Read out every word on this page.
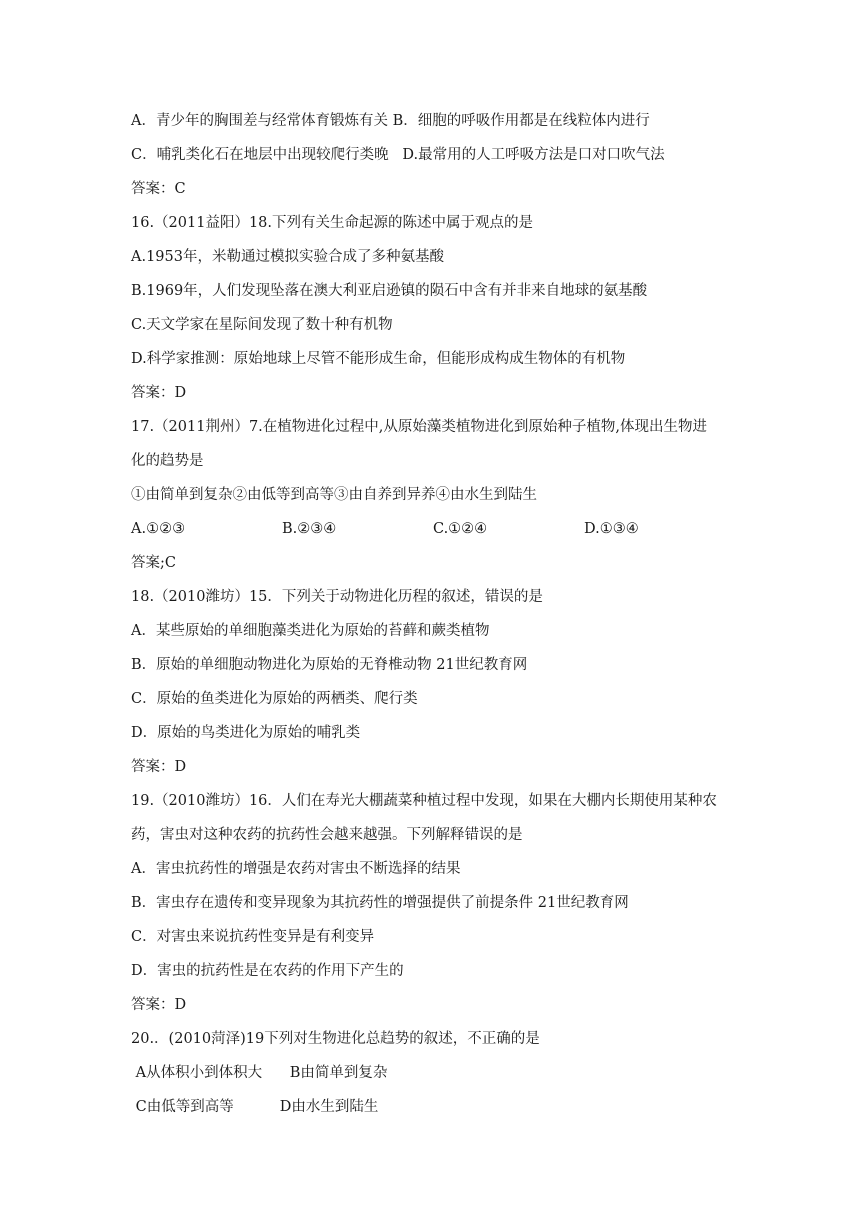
A．青少年的胸围差与经常体育锻炼有关 B．细胞的呼吸作用都是在线粒体内进行
C．哺乳类化石在地层中出现较爬行类晚   D.最常用的人工呼吸方法是口对口吹气法
答案：C
16.（2011益阳）18.下列有关生命起源的陈述中属于观点的是
A.1953年，米勒通过模拟实验合成了多种氨基酸
B.1969年，人们发现坠落在澳大利亚启逊镇的陨石中含有并非来自地球的氨基酸
C.天文学家在星际间发现了数十种有机物
D.科学家推测：原始地球上尽管不能形成生命，但能形成构成生物体的有机物
答案：D
17.（2011荆州）7.在植物进化过程中,从原始藻类植物进化到原始种子植物,体现出生物进
化的趋势是
①由简单到复杂②由低等到高等③由自养到异养④由水生到陆生
A.①②③	B.②③④	C.①②④	D.①③④
答案;C
18.（2010潍坊）15．下列关于动物进化历程的叙述，错误的是
A．某些原始的单细胞藻类进化为原始的苔藓和蕨类植物
B．原始的单细胞动物进化为原始的无脊椎动物 21世纪教育网
C．原始的鱼类进化为原始的两栖类、爬行类
D．原始的鸟类进化为原始的哺乳类
答案：D
19.（2010潍坊）16．人们在寿光大棚蔬菜种植过程中发现，如果在大棚内长期使用某种农
药，害虫对这种农药的抗药性会越来越强。下列解释错误的是
A．害虫抗药性的增强是农药对害虫不断选择的结果
B．害虫存在遗传和变异现象为其抗药性的增强提供了前提条件 21世纪教育网
C．对害虫来说抗药性变异是有利变异
D．害虫的抗药性是在农药的作用下产生的
答案：D
20.．(2010菏泽)19下列对生物进化总趋势的叙述，不正确的是
A从体积小到体积大      B由简单到复杂
C由低等到高等          D由水生到陆生
